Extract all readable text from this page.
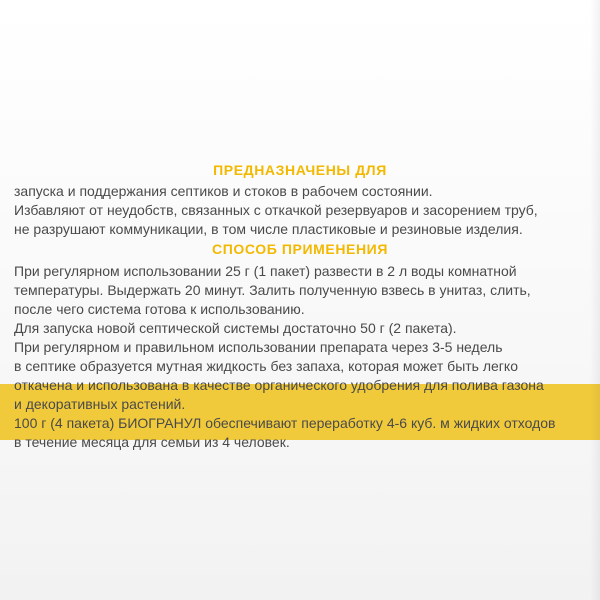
ПРЕДНАЗНАЧЕНЫ ДЛЯ
запуска и поддержания септиков и стоков в рабочем состоянии.
Избавляют от неудобств, связанных с откачкой резервуаров и засорением труб,
не разрушают коммуникации, в том числе пластиковые и резиновые изделия.
СПОСОБ ПРИМЕНЕНИЯ
При регулярном использовании 25 г (1 пакет) развести в 2 л воды комнатной
температуры. Выдержать 20 минут. Залить полученную взвесь в унитаз, слить,
после чего система готова к использованию.
Для запуска новой септической системы достаточно 50 г (2 пакета).
При регулярном и правильном использовании препарата через 3-5 недель
в септике образуется мутная жидкость без запаха, которая может быть легко
откачена и использована в качестве органического удобрения для полива газона
и декоративных растений.
100 г (4 пакета) БИОГРАНУЛ обеспечивают переработку 4-6 куб. м жидких отходов
в течение месяца для семьи из 4 человек.
